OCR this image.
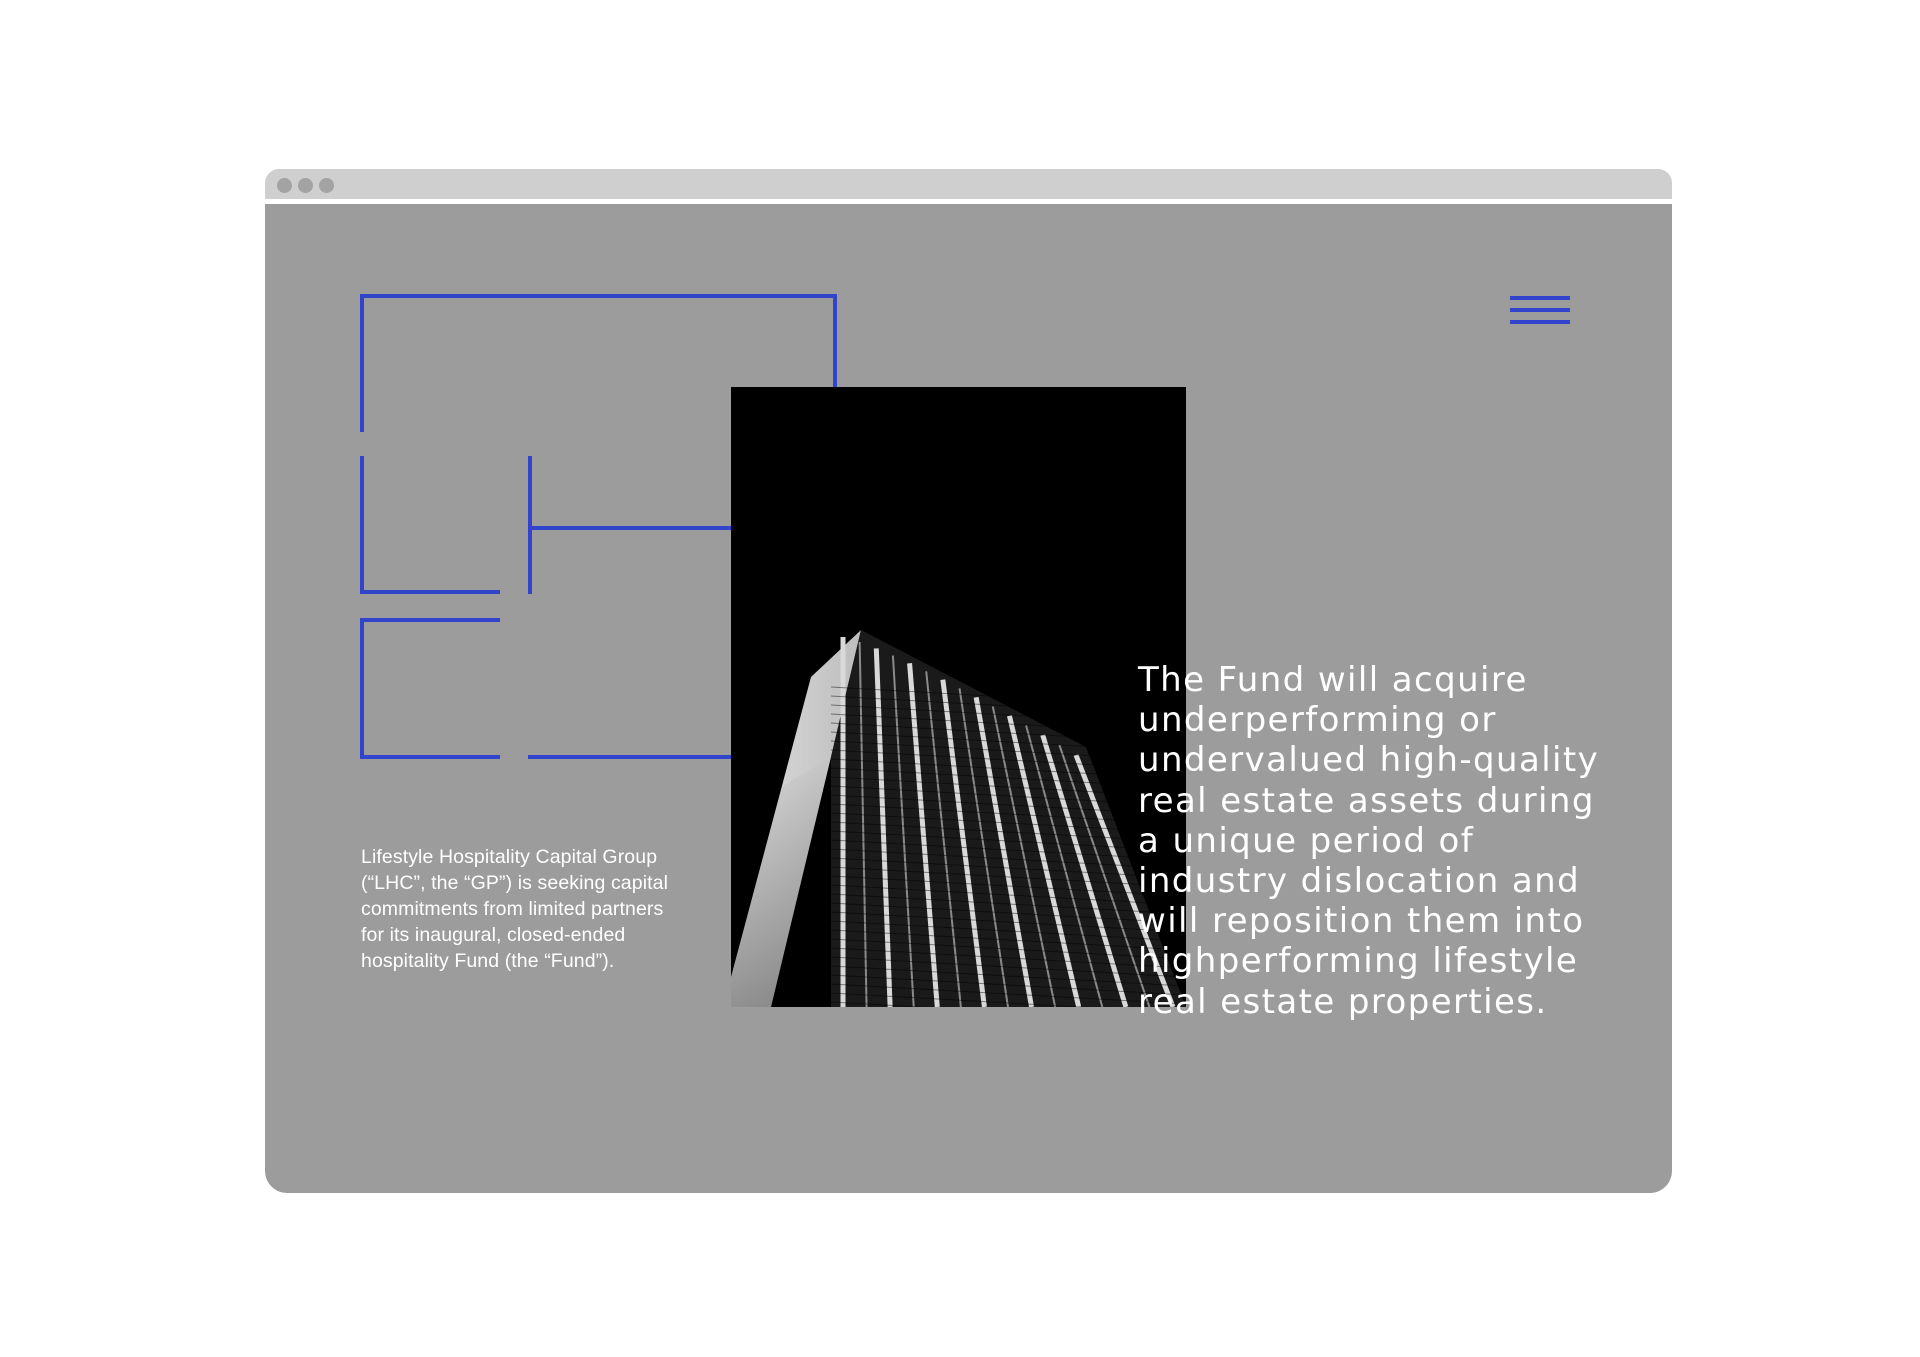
Lifestyle Hospitality Capital Group (“LHC”, the “GP”) is seeking capital commitments from limited partners for its inaugural, closed-ended hospitality Fund (the “Fund”).

The Fund will acquire underperforming or undervalued high-quality real estate assets during a unique period of industry dislocation and will reposition them into highperforming lifestyle real estate properties.
